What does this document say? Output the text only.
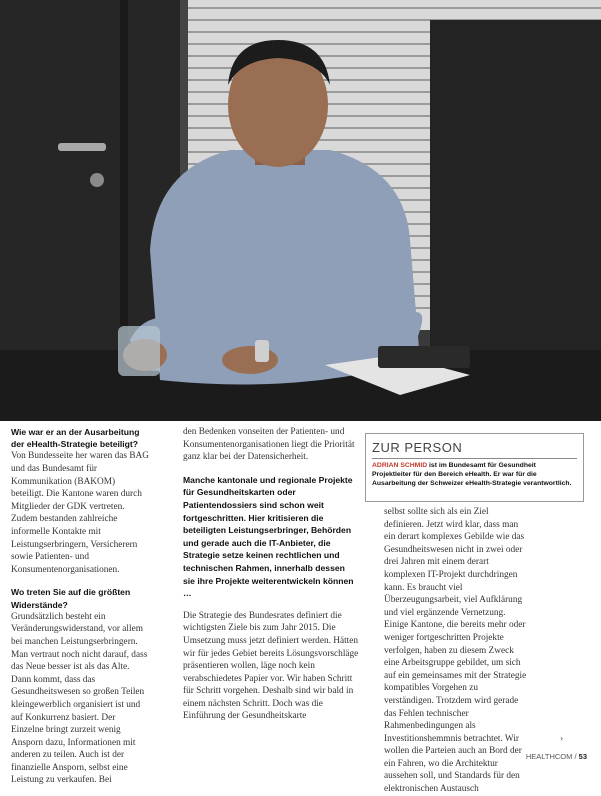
Wie war er an der Ausarbeitung der eHealth-Strategie beteiligt?

Von Bundesseite her waren das BAG und das Bundesamt für Kommunikation (BAKOM) beteiligt. Die Kantone waren durch Mitglieder der GDK vertreten. Zudem bestanden zahlreiche informelle Kontakte mit Leistungserbringern, Versicherern sowie Patienten- und Konsumentenorganisationen.

Wo treten Sie auf die größten Widerstände?

Grundsätzlich besteht ein Veränderungswiderstand, vor allem bei manchen Leistungserbringern. Man vertraut noch nicht darauf, dass das Neue besser ist als das Alte. Dann kommt, dass das Gesundheitswesen so großen Teilen kleingewerblich organisiert ist und auf Konkurrenz basiert. Der Einzelne bringt zurzeit wenig Ansporn dazu, Informationen mit anderen zu teilen. Auch ist der finanzielle Ansporn, selbst eine Leistung zu verkaufen. Bei

den Bedenken vonseiten der Patienten- und Konsumentenorganisationen liegt die Priorität ganz klar bei der Datensicherheit.

Manche kantonale und regionale Projekte für Gesundheitskarten oder Patientendossiers sind schon weit fortgeschritten. Hier kritisieren die beteiligten Leistungserbringer, Behörden und gerade auch die IT-Anbieter, die Strategie setze keinen rechtlichen und technischen Rahmen, innerhalb dessen sie ihre Projekte weiterentwickeln können …

Die Strategie des Bundesrates definiert die wichtigsten Ziele bis zum Jahr 2015. Die Umsetzung muss jetzt definiert werden. Hätten wir für jedes Gebiet bereits Lösungsvorschläge präsentieren wollen, läge noch kein verabschiedetes Papier vor. Wir haben Schritt für Schritt vorgehen. Deshalb sind wir bald in einem nächsten Schritt. Doch was die Einführung der Gesundheitskarte

ZUR PERSON

ADRIAN SCHMID ist im Bundesamt für Gesundheit Projektleiter für den Bereich eHealth. Er war für die Ausarbeitung der Schweizer eHealth-Strategie verantwortlich.

selbst sollte sich als ein Ziel definieren. Jetzt wird klar, dass man ein derart komplexes Gebilde wie das Gesundheitswesen nicht in zwei oder drei Jahren mit einem derart komplexen IT-Projekt durchdringen kann. Es braucht viel Überzeugungsarbeit, viel Aufklärung und viel ergänzende Vernetzung. Einige Kantone, die bereits mehr oder weniger fortgeschritten Projekte verfolgen, haben zu diesem Zweck eine Arbeitsgruppe gebildet, um sich auf ein gemeinsames mit der Strategie kompatibles Vorgehen zu verständigen. Trotzdem wird gerade das Fehlen technischer Rahmenbedingungen als Investitionshemmnis betrachtet. Wir wollen die Parteien auch an Bord der ein Fahren, wo die Architektur aussehen soll, und Standards für den elektronischen Austausch

›
HEALTHCOM / 53
